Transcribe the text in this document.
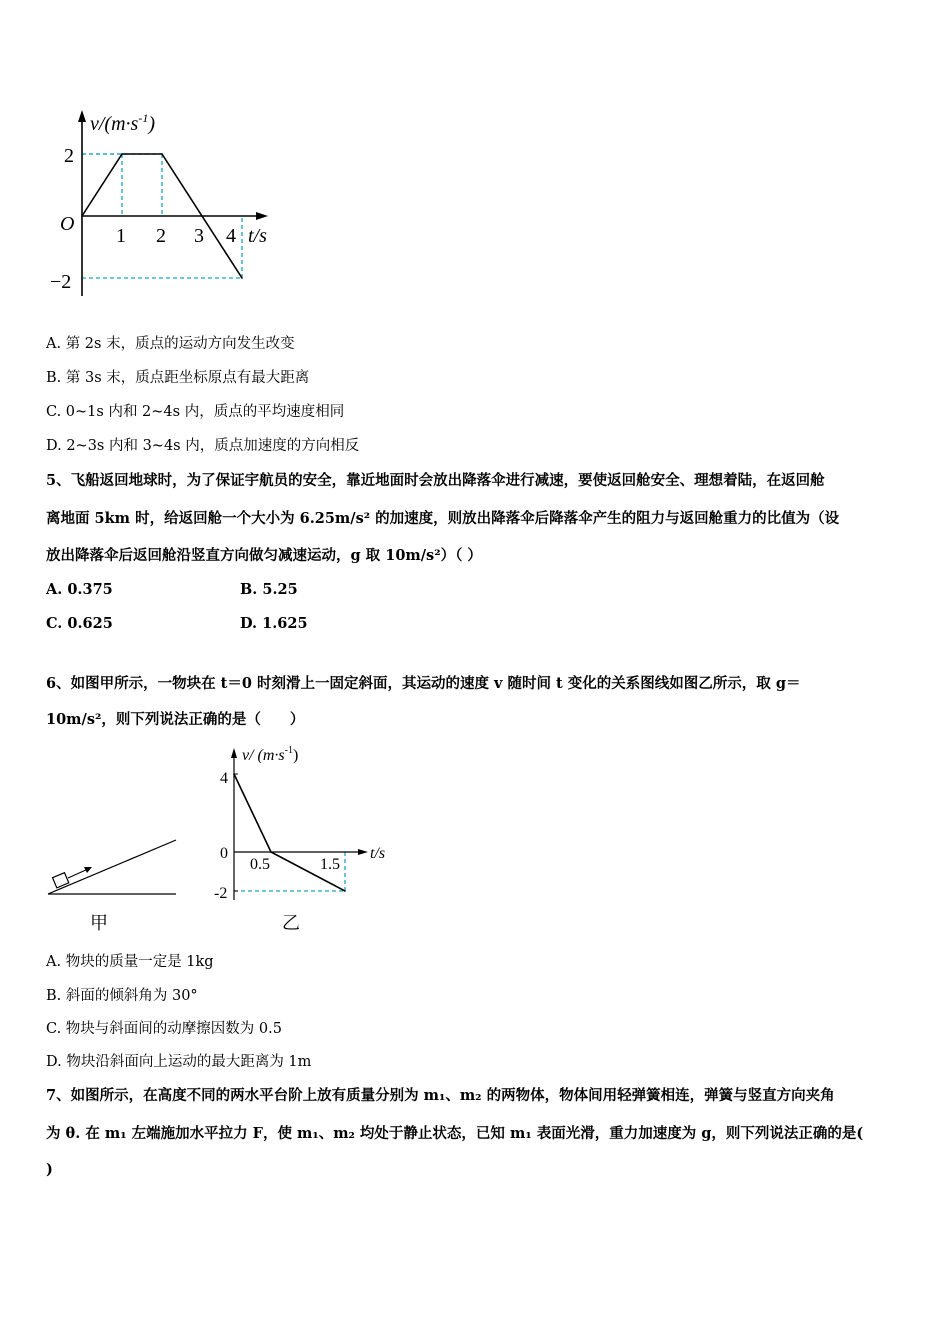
$v/(m\cdot s^{-1})$
O
t/s
1 2 3 4
2
−2
A. 第 2s 末，质点的运动方向发生改变
B. 第 3s 末，质点距坐标原点有最大距离
C. 0~1s 内和 2~4s 内，质点的平均速度相同
D. 2~3s 内和 3~4s 内，质点加速度的方向相反
5、飞船返回地球时，为了保证宇航员的安全，靠近地面时会放出降落伞进行减速，要使返回舱安全、理想着陆，在返回舱
离地面 5km 时，给返回舱一个大小为 6.25m/s² 的加速度，则放出降落伞后降落伞产生的阻力与返回舱重力的比值为（设
放出降落伞后返回舱沿竖直方向做匀减速运动，g 取 10m/s²）（ ）
A. 0.375	B. 5.25
C. 0.625	D. 1.625
6、如图甲所示，一物块在 t＝0 时刻滑上一固定斜面，其运动的速度 v 随时间 t 变化的关系图线如图乙所示，取 g＝
10m/s²，则下列说法正确的是（　　）
甲
v/ $(m\cdot s^{-1})$
4
0
-2
0.5	1.5
t/s
乙
A. 物块的质量一定是 1kg
B. 斜面的倾斜角为 30°
C. 物块与斜面间的动摩擦因数为 0.5
D. 物块沿斜面向上运动的最大距离为 1m
7、如图所示，在高度不同的两水平台阶上放有质量分别为 m₁、m₂ 的两物体，物体间用轻弹簧相连，弹簧与竖直方向夹角
为 θ. 在 m₁ 左端施加水平拉力 F，使 m₁、m₂ 均处于静止状态，已知 m₁ 表面光滑，重力加速度为 g，则下列说法正确的是(
)
